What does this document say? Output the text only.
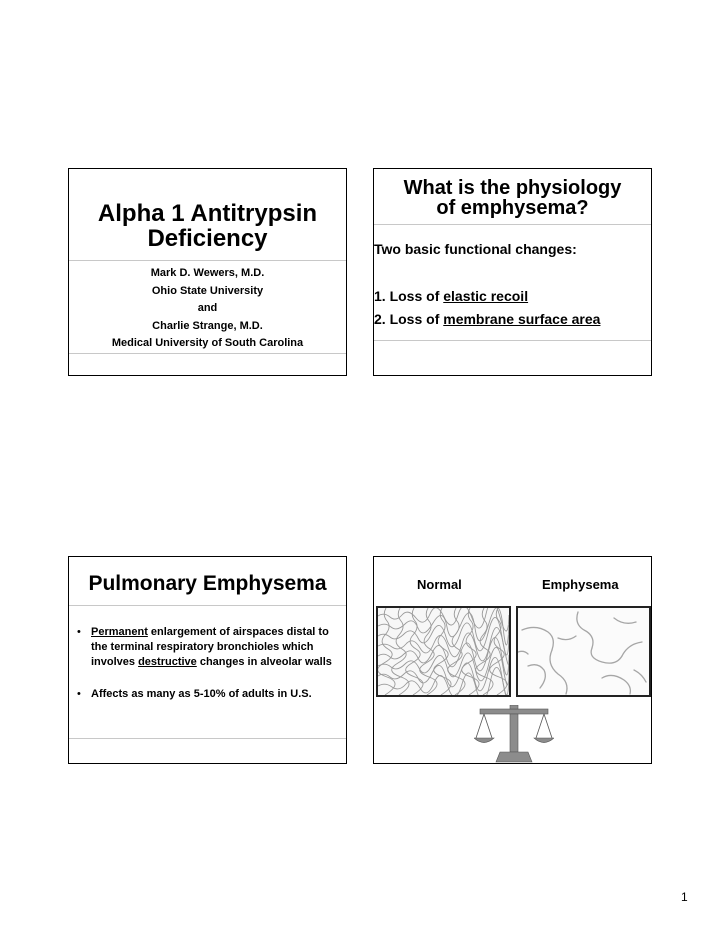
Alpha 1 Antitrypsin
Deficiency
Mark D. Wewers, M.D.
Ohio State University
and
Charlie Strange, M.D.
Medical University of South Carolina
What is the physiology
of emphysema?
Two basic functional changes:
1. Loss of elastic recoil
2. Loss of membrane surface area
Pulmonary Emphysema
• Permanent enlargement of airspaces distal to the terminal respiratory bronchioles which involves destructive changes in alveolar walls
• Affects as many as 5-10% of adults in U.S.
Normal	Emphysema
1
